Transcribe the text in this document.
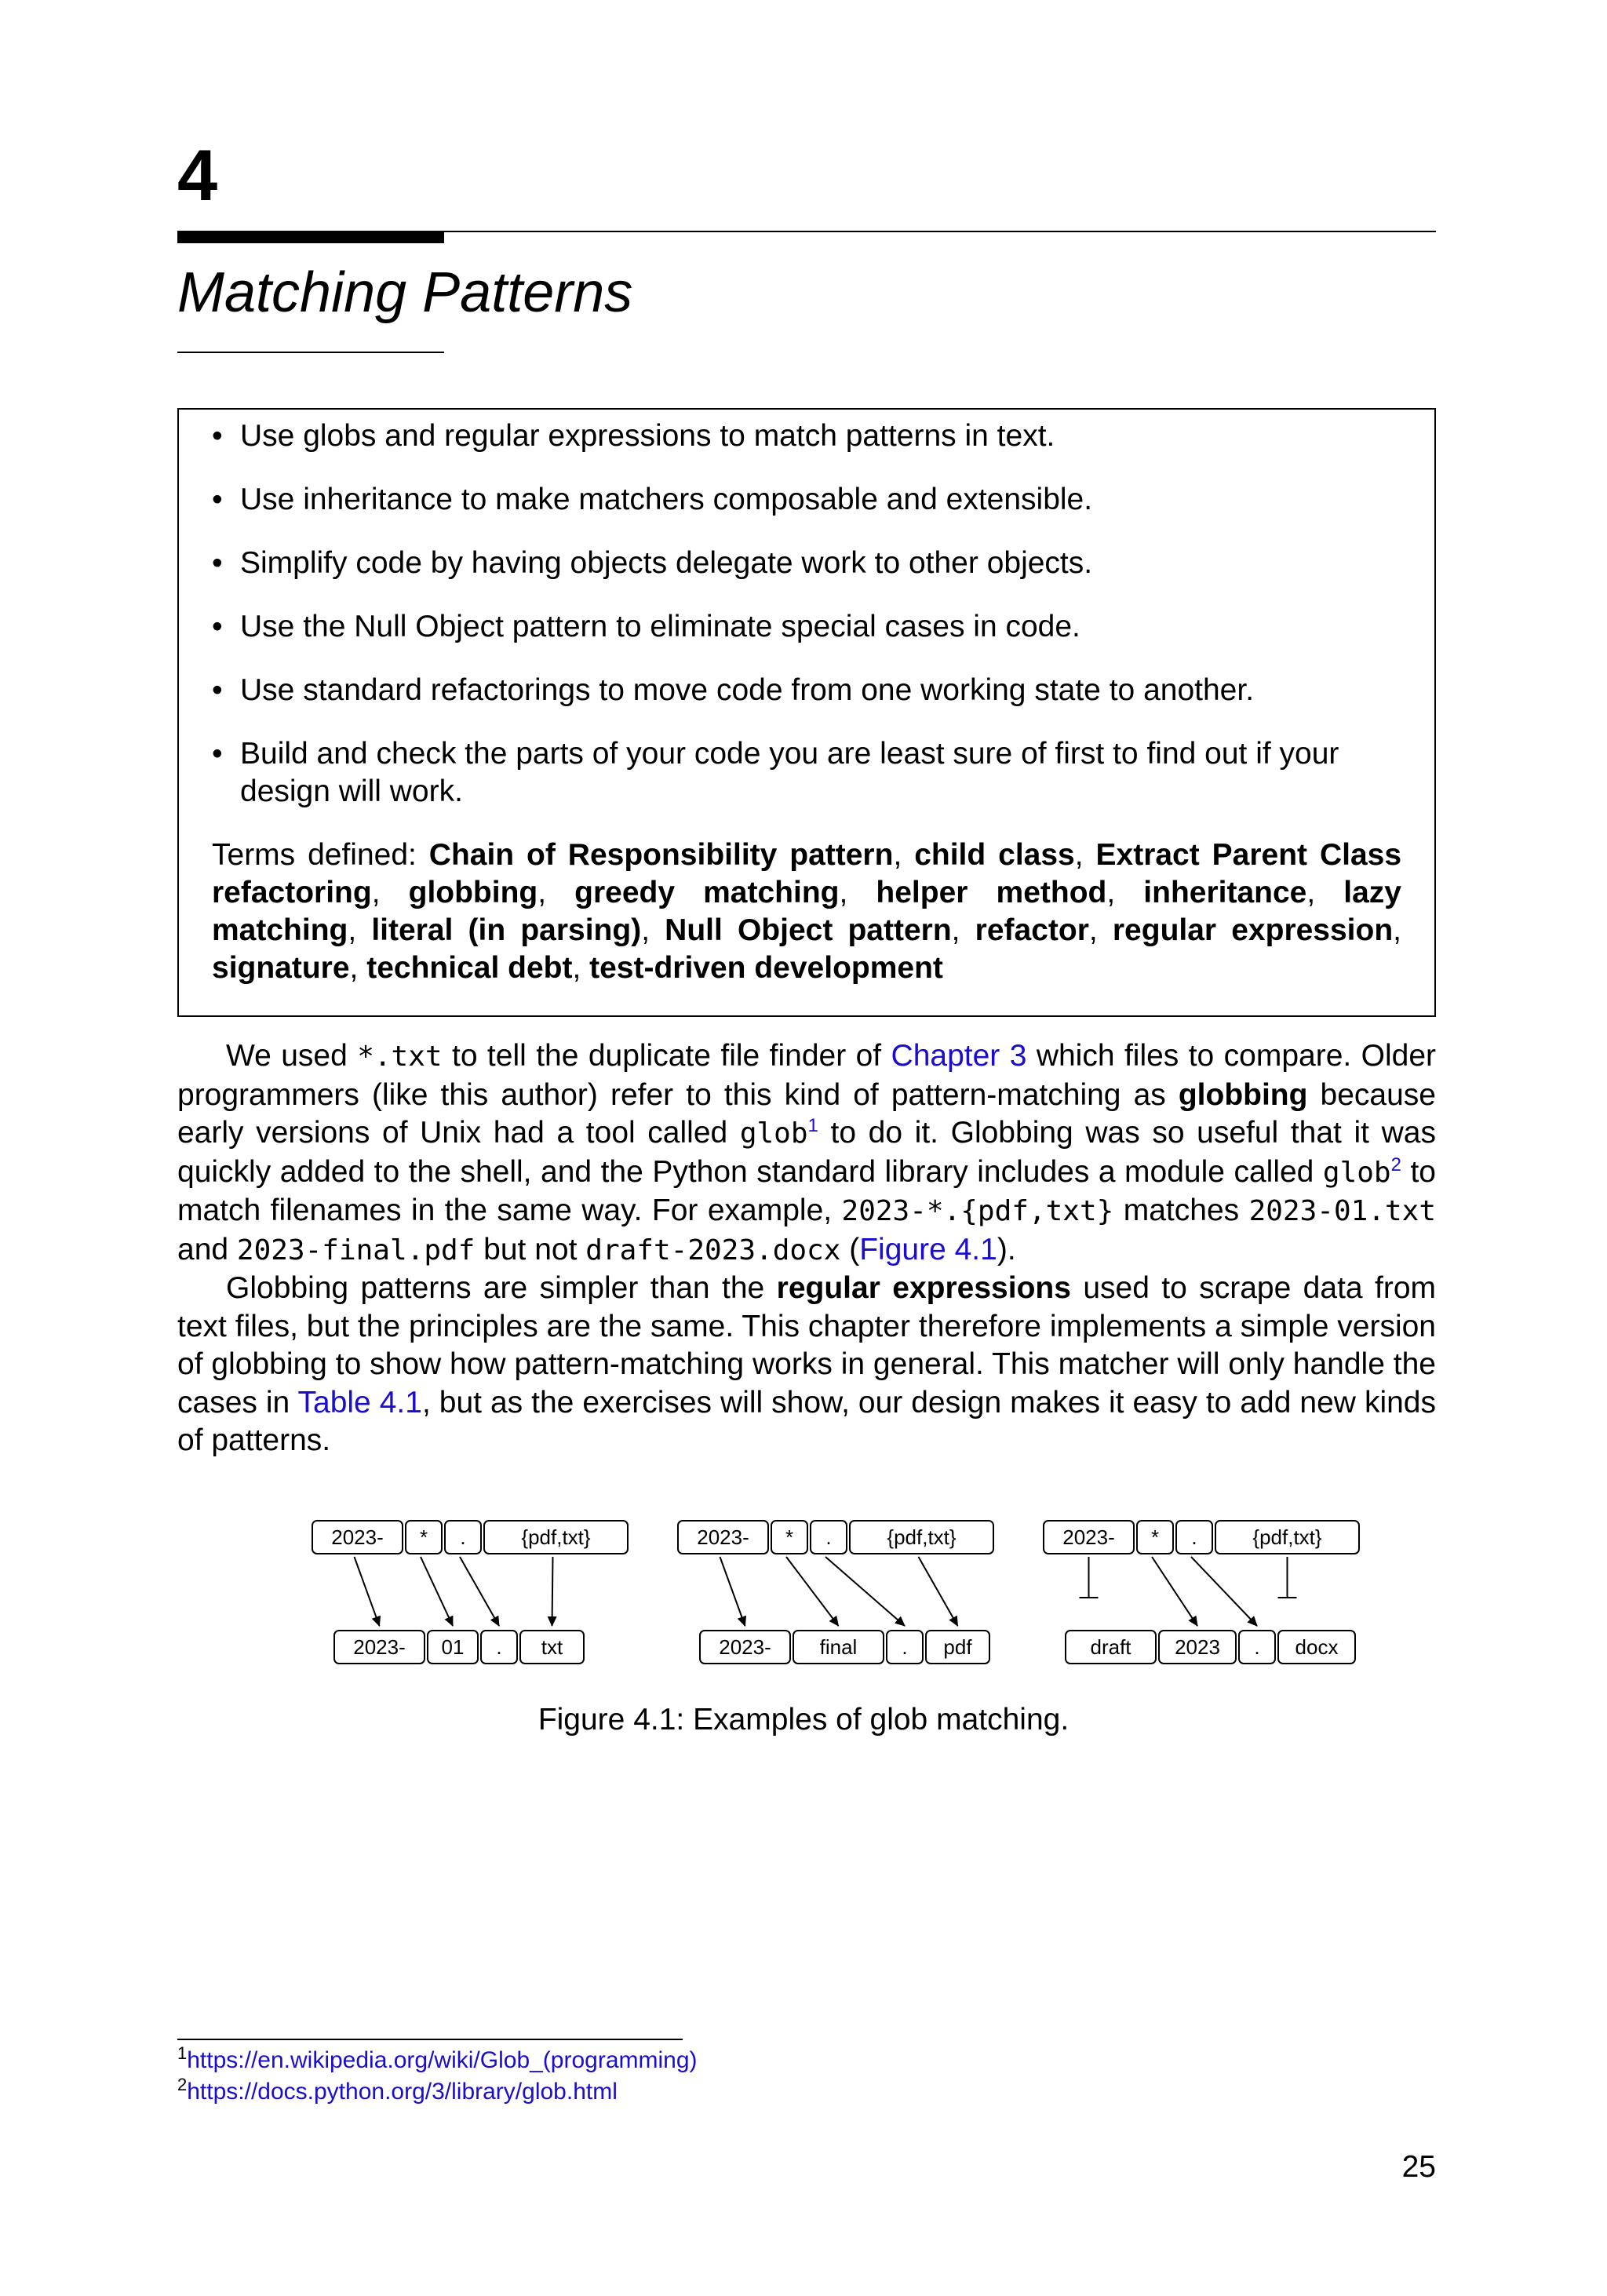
4
Matching Patterns
• Use globs and regular expressions to match patterns in text.
• Use inheritance to make matchers composable and extensible.
• Simplify code by having objects delegate work to other objects.
• Use the Null Object pattern to eliminate special cases in code.
• Use standard refactorings to move code from one working state to another.
• Build and check the parts of your code you are least sure of first to find out if your design will work.
Terms defined: Chain of Responsibility pattern, child class, Extract Parent Class refactoring, globbing, greedy matching, helper method, inheritance, lazy matching, literal (in parsing), Null Object pattern, refactor, regular expression, signature, technical debt, test-driven development

We used *.txt to tell the duplicate file finder of Chapter 3 which files to compare. Older programmers (like this author) refer to this kind of pattern-matching as globbing because early versions of Unix had a tool called glob$^1$ to do it. Globbing was so useful that it was quickly added to the shell, and the Python standard library includes a module called glob$^2$ to match filenames in the same way. For example, 2023-*.{pdf,txt} matches 2023-01.txt and 2023-final.pdf but not draft-2023.docx (Figure 4.1).

Globbing patterns are simpler than the regular expressions used to scrape data from text files, but the principles are the same. This chapter therefore implements a simple version of globbing to show how pattern-matching works in general. This matcher will only handle the cases in Table 4.1, but as the exercises will show, our design makes it easy to add new kinds of patterns.

2023- * .	{pdf,txt}
2023- 01 . txt
2023- * .	{pdf,txt}
2023- final . pdf
2023- * .	{pdf,txt}
draft 2023 . docx
Figure 4.1: Examples of glob matching.
$^1$https://en.wikipedia.org/wiki/Glob_(programming)
$^2$https://docs.python.org/3/library/glob.html
25
